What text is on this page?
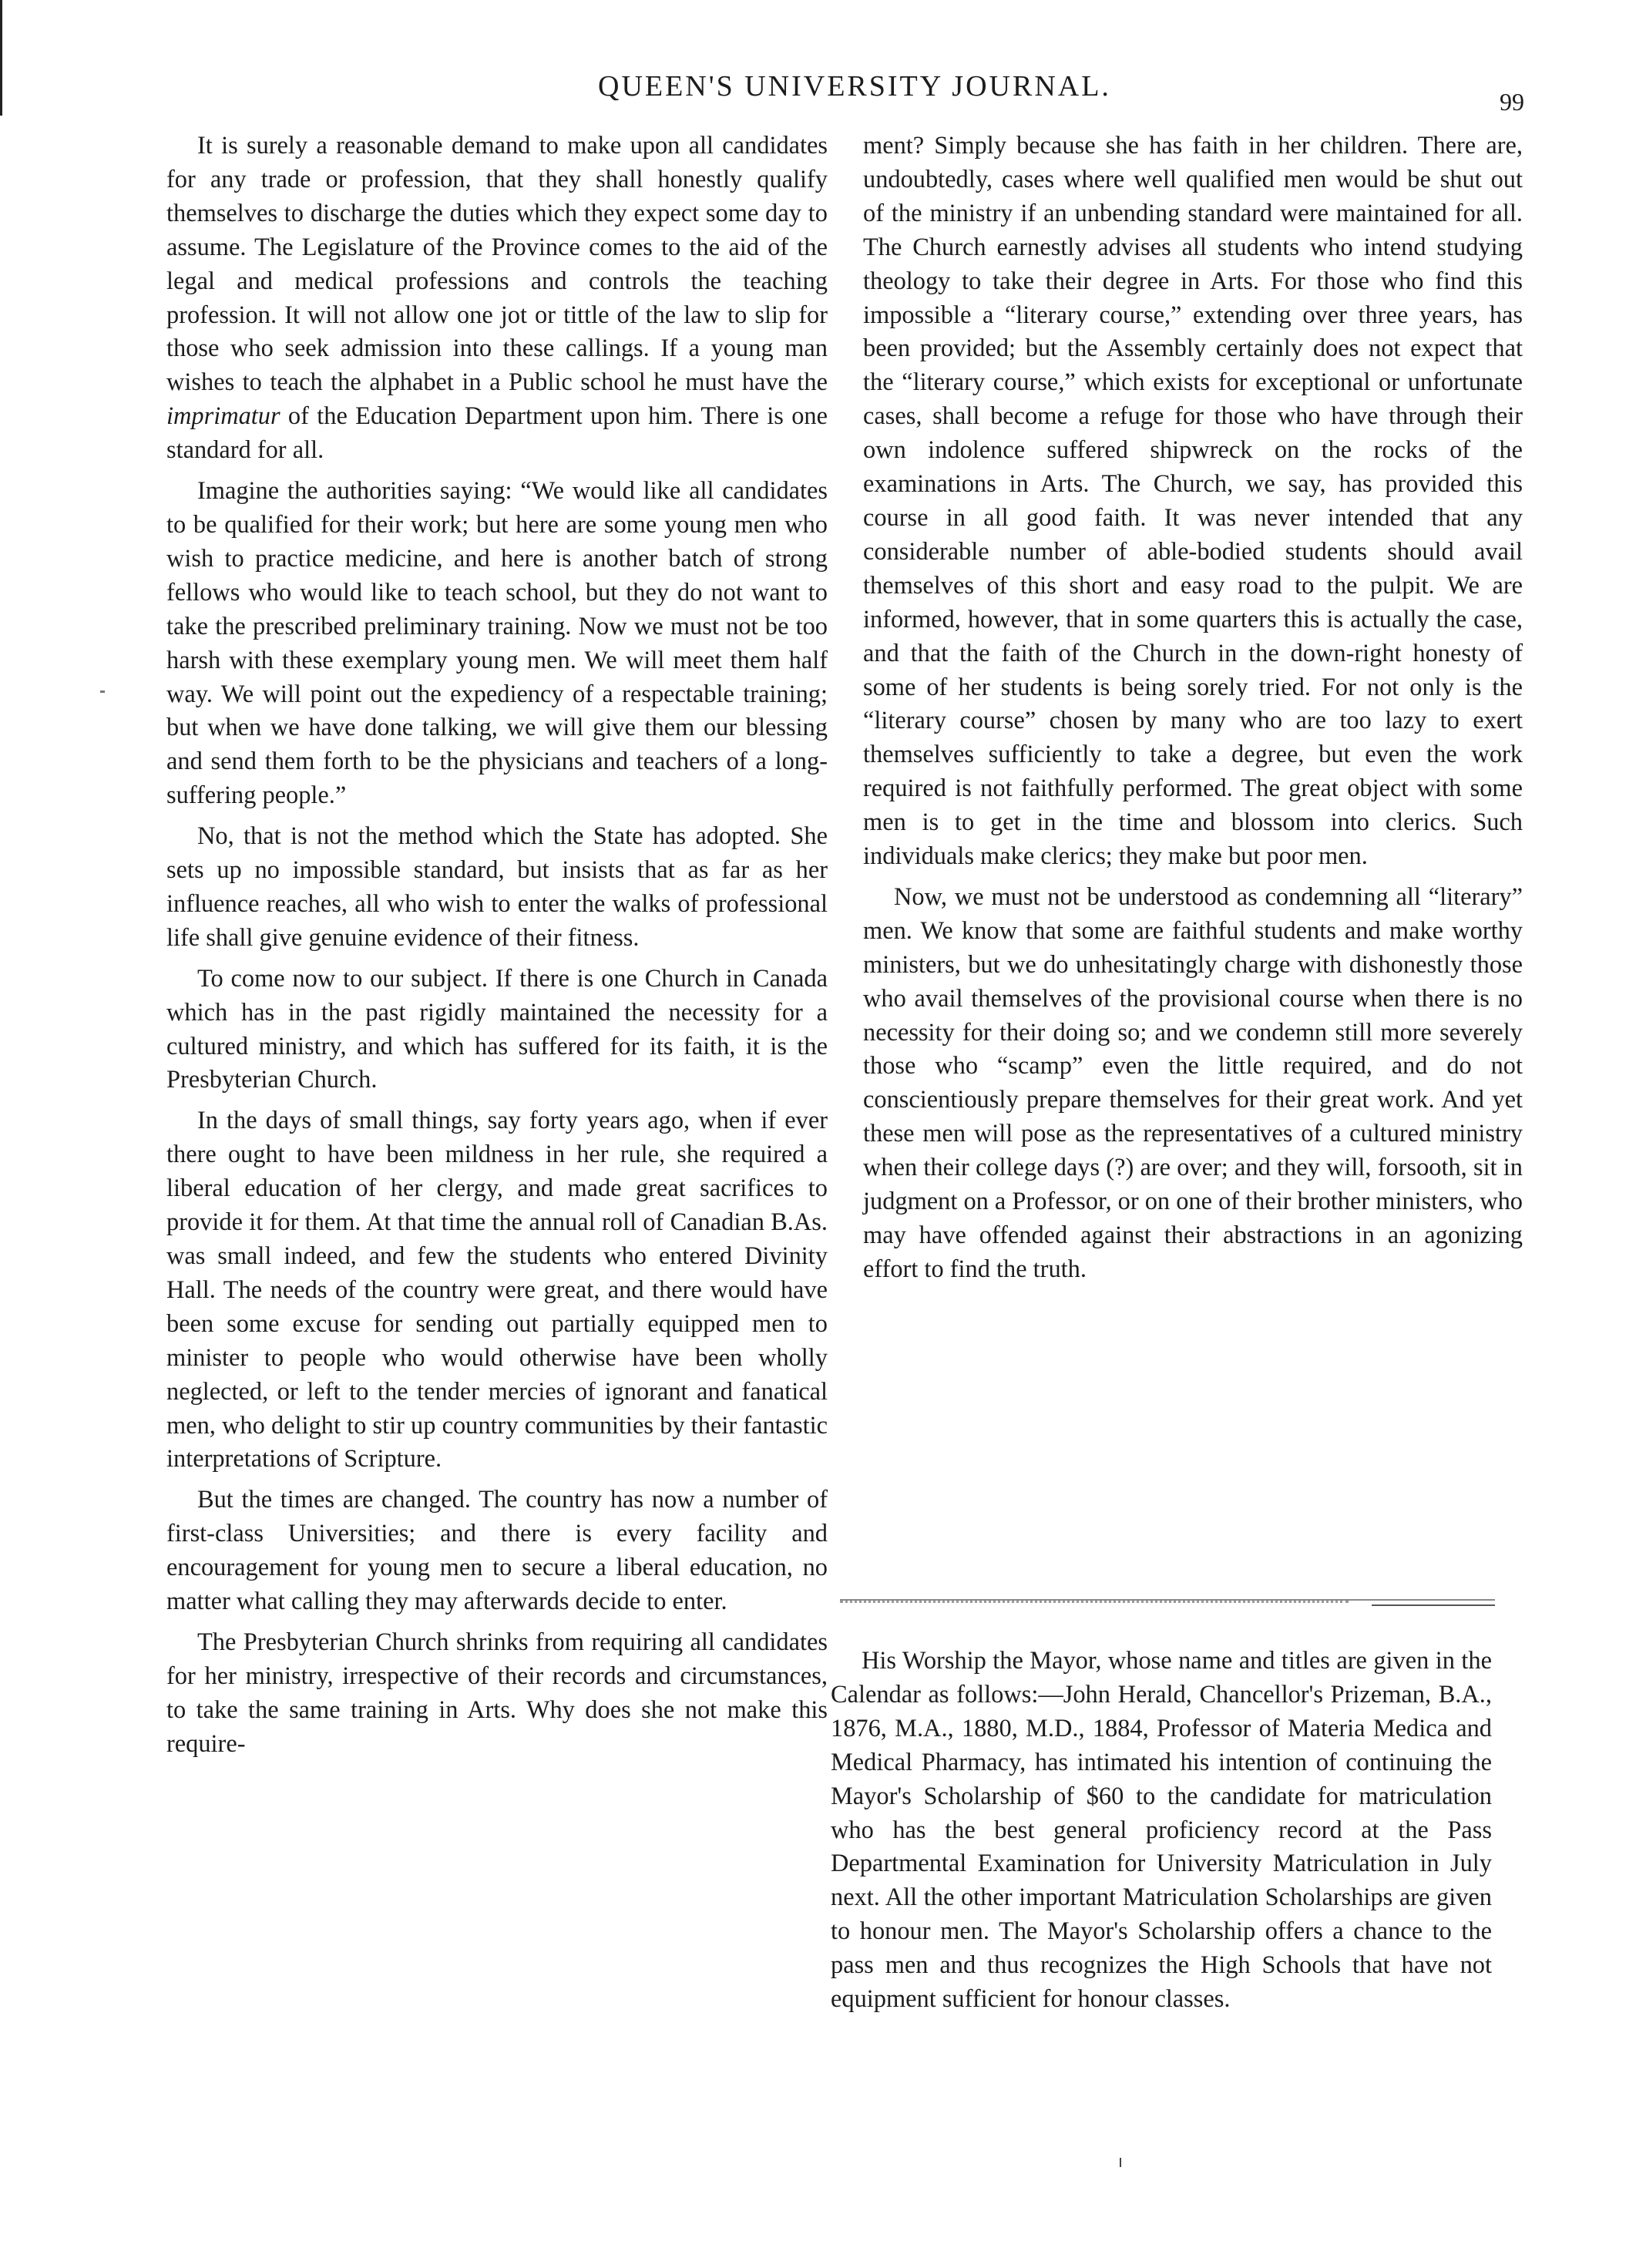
QUEEN'S UNIVERSITY JOURNAL.	99

It is surely a reasonable demand to make upon all candidates for any trade or profession, that they shall honestly qualify themselves to discharge the duties which they expect some day to assume. The Legislature of the Province comes to the aid of the legal and medical professions and controls the teaching profession. It will not allow one jot or tittle of the law to slip for those who seek admission into these callings. If a young man wishes to teach the alphabet in a Public school he must have the imprimatur of the Education Department upon him. There is one standard for all.

Imagine the authorities saying: “We would like all candidates to be qualified for their work; but here are some young men who wish to practice medicine, and here is another batch of strong fellows who would like to teach school, but they do not want to take the prescribed preliminary training. Now we must not be too harsh with these exemplary young men. We will meet them half way. We will point out the expediency of a respectable training; but when we have done talking, we will give them our blessing and send them forth to be the physicians and teachers of a long-suffering people.”

No, that is not the method which the State has adopted. She sets up no impossible standard, but insists that as far as her influence reaches, all who wish to enter the walks of professional life shall give genuine evidence of their fitness.

To come now to our subject. If there is one Church in Canada which has in the past rigidly maintained the necessity for a cultured ministry, and which has suffered for its faith, it is the Presbyterian Church.

In the days of small things, say forty years ago, when if ever there ought to have been mildness in her rule, she required a liberal education of her clergy, and made great sacrifices to provide it for them. At that time the annual roll of Canadian B.As. was small indeed, and few the students who entered Divinity Hall. The needs of the country were great, and there would have been some excuse for sending out partially equipped men to minister to people who would otherwise have been wholly neglected, or left to the tender mercies of ignorant and fanatical men, who delight to stir up country communities by their fantastic interpretations of Scripture.

But the times are changed. The country has now a number of first-class Universities; and there is every facility and encouragement for young men to secure a liberal education, no matter what calling they may afterwards decide to enter.

The Presbyterian Church shrinks from requiring all candidates for her ministry, irrespective of their records and circumstances, to take the same training in Arts. Why does she not make this require-

ment? Simply because she has faith in her children. There are, undoubtedly, cases where well qualified men would be shut out of the ministry if an unbending standard were maintained for all. The Church earnestly advises all students who intend studying theology to take their degree in Arts. For those who find this impossible a “literary course,” extending over three years, has been provided; but the Assembly certainly does not expect that the “literary course,” which exists for exceptional or unfortunate cases, shall become a refuge for those who have through their own indolence suffered shipwreck on the rocks of the examinations in Arts. The Church, we say, has provided this course in all good faith. It was never intended that any considerable number of able-bodied students should avail themselves of this short and easy road to the pulpit. We are informed, however, that in some quarters this is actually the case, and that the faith of the Church in the down-right honesty of some of her students is being sorely tried. For not only is the “literary course” chosen by many who are too lazy to exert themselves sufficiently to take a degree, but even the work required is not faithfully performed. The great object with some men is to get in the time and blossom into clerics. Such individuals make clerics; they make but poor men.

Now, we must not be understood as condemning all “literary” men. We know that some are faithful students and make worthy ministers, but we do unhesitatingly charge with dishonestly those who avail themselves of the provisional course when there is no necessity for their doing so; and we condemn still more severely those who “scamp” even the little required, and do not conscientiously prepare themselves for their great work. And yet these men will pose as the representatives of a cultured ministry when their college days (?) are over; and they will, forsooth, sit in judgment on a Professor, or on one of their brother ministers, who may have offended against their abstractions in an agonizing effort to find the truth.

His Worship the Mayor, whose name and titles are given in the Calendar as follows:—John Herald, Chancellor's Prizeman, B.A., 1876, M.A., 1880, M.D., 1884, Professor of Materia Medica and Medical Pharmacy, has intimated his intention of continuing the Mayor's Scholarship of $60 to the candidate for matriculation who has the best general proficiency record at the Pass Departmental Examination for University Matriculation in July next. All the other important Matriculation Scholarships are given to honour men. The Mayor's Scholarship offers a chance to the pass men and thus recognizes the High Schools that have not equipment sufficient for honour classes.
